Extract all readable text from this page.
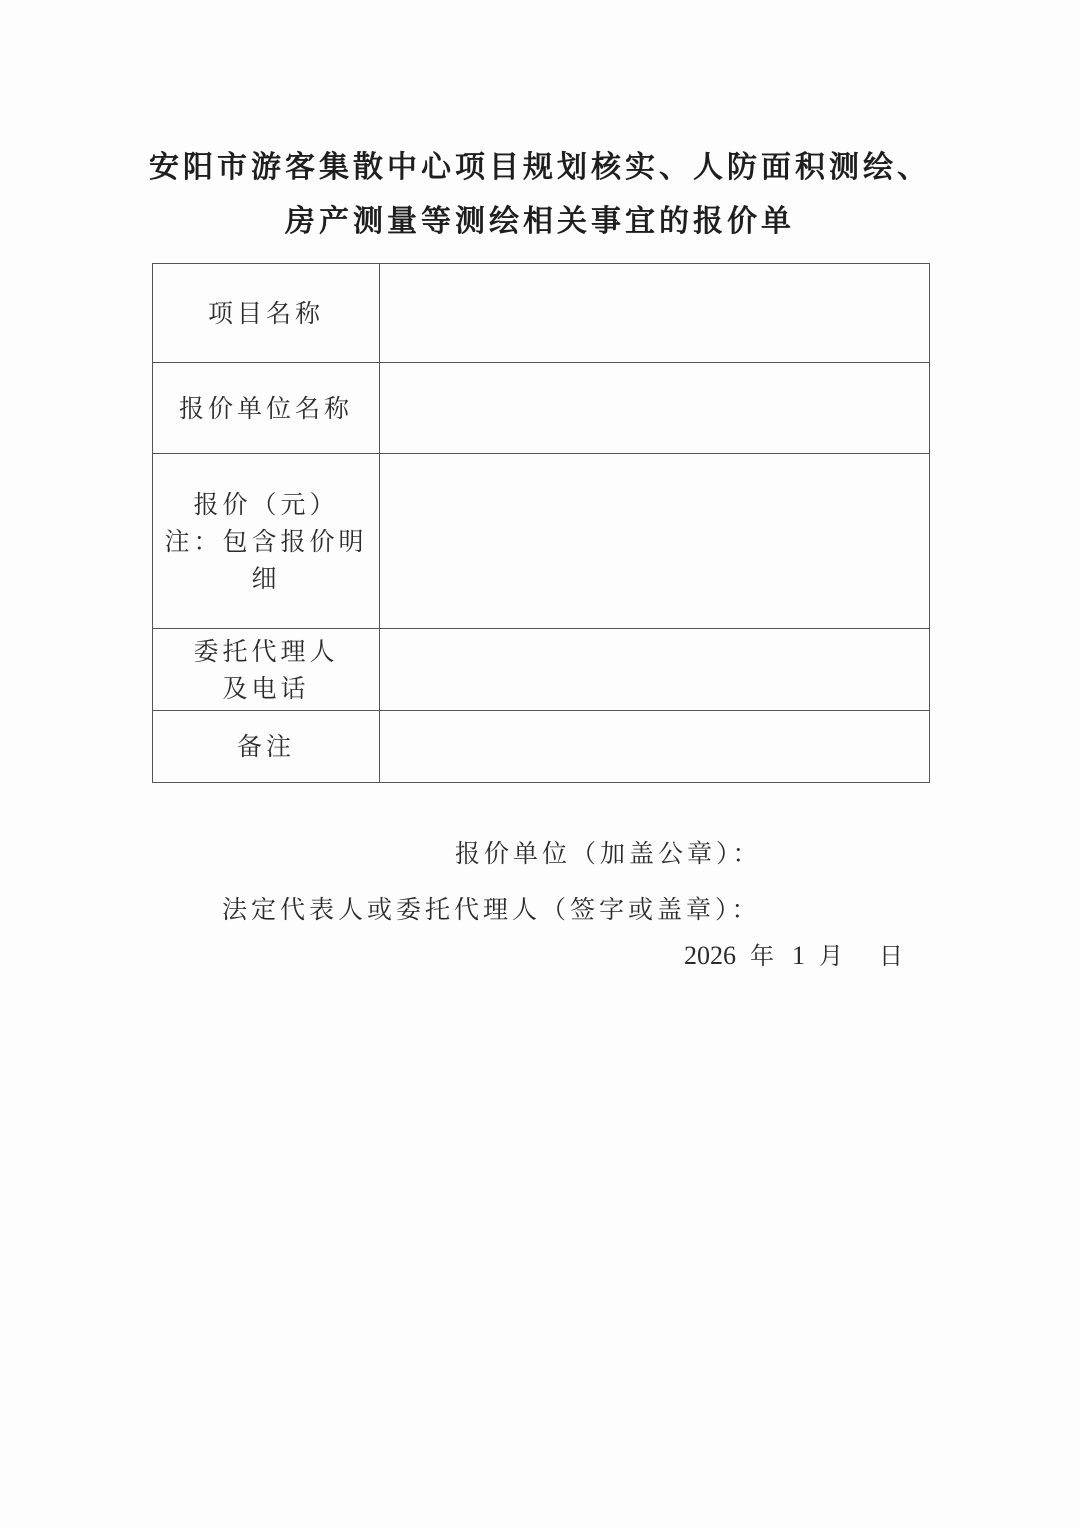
安阳市游客集散中心项目规划核实、人防面积测绘、
房产测量等测绘相关事宜的报价单
项目名称	

报价单位名称	

报价（元）
注：包含报价明
细	

委托代理人
及电话	

备注	

报价单位（加盖公章）：
法定代表人或委托代理人（签字或盖章）：
2026 年 1 月 日
